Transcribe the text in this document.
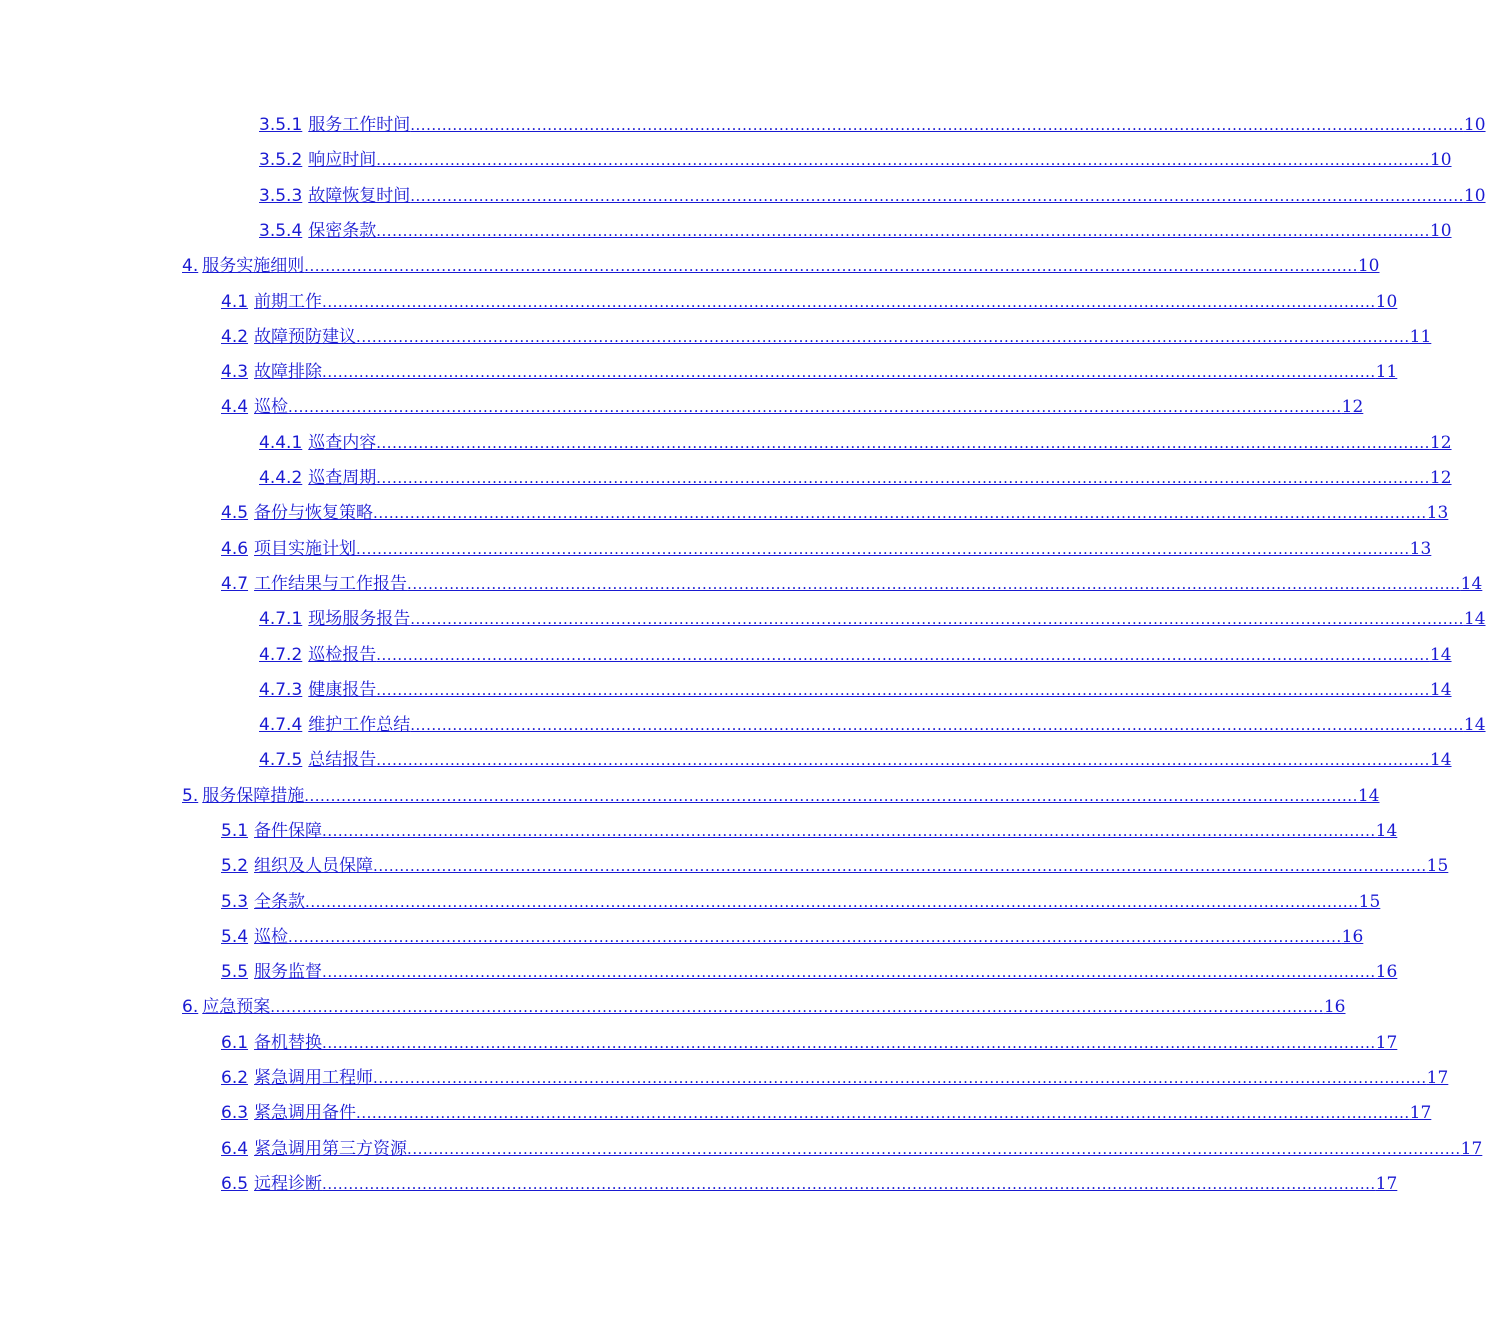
3.5.1 服务工作时间 ........................................................................................................................................................................................................ 10
3.5.2 响应时间 ........................................................................................................................................................................................................ 10
3.5.3 故障恢复时间 ........................................................................................................................................................................................................ 10
3.5.4 保密条款 ........................................................................................................................................................................................................ 10
4. 服务实施细则 ........................................................................................................................................................................................................ 10
4.1 前期工作 ........................................................................................................................................................................................................ 10
4.2 故障预防建议 ........................................................................................................................................................................................................ 11
4.3 故障排除 ........................................................................................................................................................................................................ 11
4.4 巡检 ........................................................................................................................................................................................................ 12
4.4.1 巡查内容 ........................................................................................................................................................................................................ 12
4.4.2 巡查周期 ........................................................................................................................................................................................................ 12
4.5 备份与恢复策略 ........................................................................................................................................................................................................ 13
4.6 项目实施计划 ........................................................................................................................................................................................................ 13
4.7 工作结果与工作报告 ........................................................................................................................................................................................................ 14
4.7.1 现场服务报告 ........................................................................................................................................................................................................ 14
4.7.2 巡检报告 ........................................................................................................................................................................................................ 14
4.7.3 健康报告 ........................................................................................................................................................................................................ 14
4.7.4 维护工作总结 ........................................................................................................................................................................................................ 14
4.7.5 总结报告 ........................................................................................................................................................................................................ 14
5. 服务保障措施 ........................................................................................................................................................................................................ 14
5.1 备件保障 ........................................................................................................................................................................................................ 14
5.2 组织及人员保障 ........................................................................................................................................................................................................ 15
5.3 全条款 ........................................................................................................................................................................................................ 15
5.4 巡检 ........................................................................................................................................................................................................ 16
5.5 服务监督 ........................................................................................................................................................................................................ 16
6. 应急预案 ........................................................................................................................................................................................................ 16
6.1 备机替换 ........................................................................................................................................................................................................ 17
6.2 紧急调用工程师 ........................................................................................................................................................................................................ 17
6.3 紧急调用备件 ........................................................................................................................................................................................................ 17
6.4 紧急调用第三方资源 ........................................................................................................................................................................................................ 17
6.5 远程诊断 ........................................................................................................................................................................................................ 17
